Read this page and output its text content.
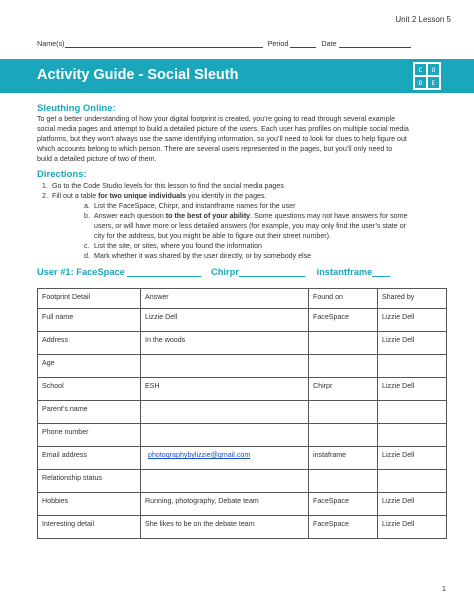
Unit 2 Lesson 5
Name(s)	Period	Date
Activity Guide - Social Sleuth	C	O
D	E
Sleuthing Online:
To get a better understanding of how your digital footprint is created, you’re going to read through several example
social media pages and attempt to build a detailed picture of the users. Each user has profiles on multiple social media
platforms, but they won’t always use the same identifying information, so you’ll need to look for clues to help figure out
which accounts belong to which person. There are several users represented in the pages, but you’ll only need to
build a detailed picture of two of them.
Directions:
1. Go to the Code Studio levels for this lesson to find the social media pages
2. Fill out a table for two unique individuals you identify in the pages.
a. List the FaceSpace, Chirpr, and instantframe names for the user
b. Answer each question to the best of your ability. Some questions may not have answers for some
users, or will have more or less detailed answers (for example, you may only find the user’s state or
city for the address, but you might be able to figure out their street number).
c. List the site, or sites, where you found the information
d. Mark whether it was shared by the user directly, or by somebody else
User #1: FaceSpace	Chirpr	instantframe
Footprint Detail	Answer	Found on	Shared by
Full name	Lizzie Dell	FaceSpace	Lizzie Dell
Address	In the woods		Lizzie Dell
Age			
School	ESH	Chirpr	Lizzie Dell
Parent’s name			
Phone number			
Email address	photographybylizzie@gmail.com	instaframe	Lizzie Dell
Relationship status			
Hobbies	Running, photography, Debate team	FaceSpace	Lizzie Dell
Interesting detail	She likes to be on the debate team	FaceSpace	Lizzie Dell
1
